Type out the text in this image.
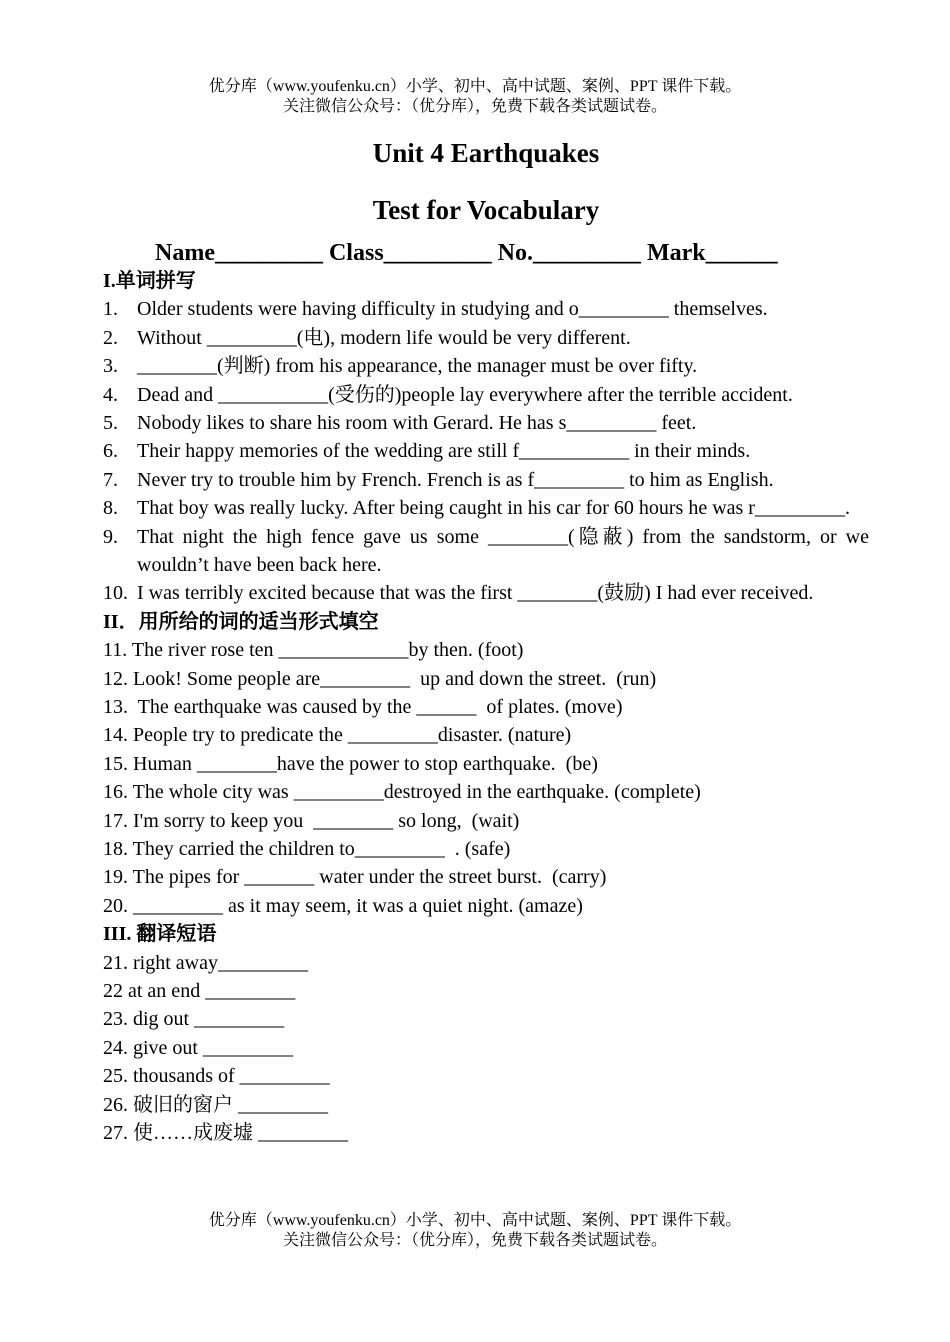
优分库（www.youfenku.cn）小学、初中、高中试题、案例、PPT 课件下载。
关注微信公众号：（优分库），免费下载各类试题试卷。
Unit 4 Earthquakes
Test for Vocabulary
Name_________ Class_________ No._________ Mark______
I.单词拼写
1. Older students were having difficulty in studying and o_________ themselves.
2. Without _________(电), modern life would be very different.
3. ________(判断) from his appearance, the manager must be over fifty.
4. Dead and ___________(受伤的)people lay everywhere after the terrible accident.
5. Nobody likes to share his room with Gerard. He has s_________ feet.
6. Their happy memories of the wedding are still f___________ in their minds.
7. Never try to trouble him by French. French is as f_________ to him as English.
8. That boy was really lucky. After being caught in his car for 60 hours he was r_________.
9. That night the high fence gave us some ________(隐蔽) from the sandstorm, or we wouldn’t have been back here.
10. I was terribly excited because that was the first ________(鼓励) I had ever received.
II．用所给的词的适当形式填空
11. The river rose ten _____________by then. (foot)
12. Look! Some people are_________  up and down the street.  (run)
13.  The earthquake was caused by the ______  of plates. (move)
14. People try to predicate the _________disaster. (nature)
15. Human ________have the power to stop earthquake.  (be)
16. The whole city was _________destroyed in the earthquake. (complete)
17. I'm sorry to keep you  ________ so long,  (wait)
18. They carried the children to_________  . (safe)
19. The pipes for _______ water under the street burst.  (carry)
20. _________ as it may seem, it was a quiet night. (amaze)
III. 翻译短语
21. right away_________
22 at an end _________
23. dig out _________
24. give out _________
25. thousands of _________
26. 破旧的窗户 _________
27. 使……成废墟 _________
优分库（www.youfenku.cn）小学、初中、高中试题、案例、PPT 课件下载。
关注微信公众号：（优分库），免费下载各类试题试卷。
